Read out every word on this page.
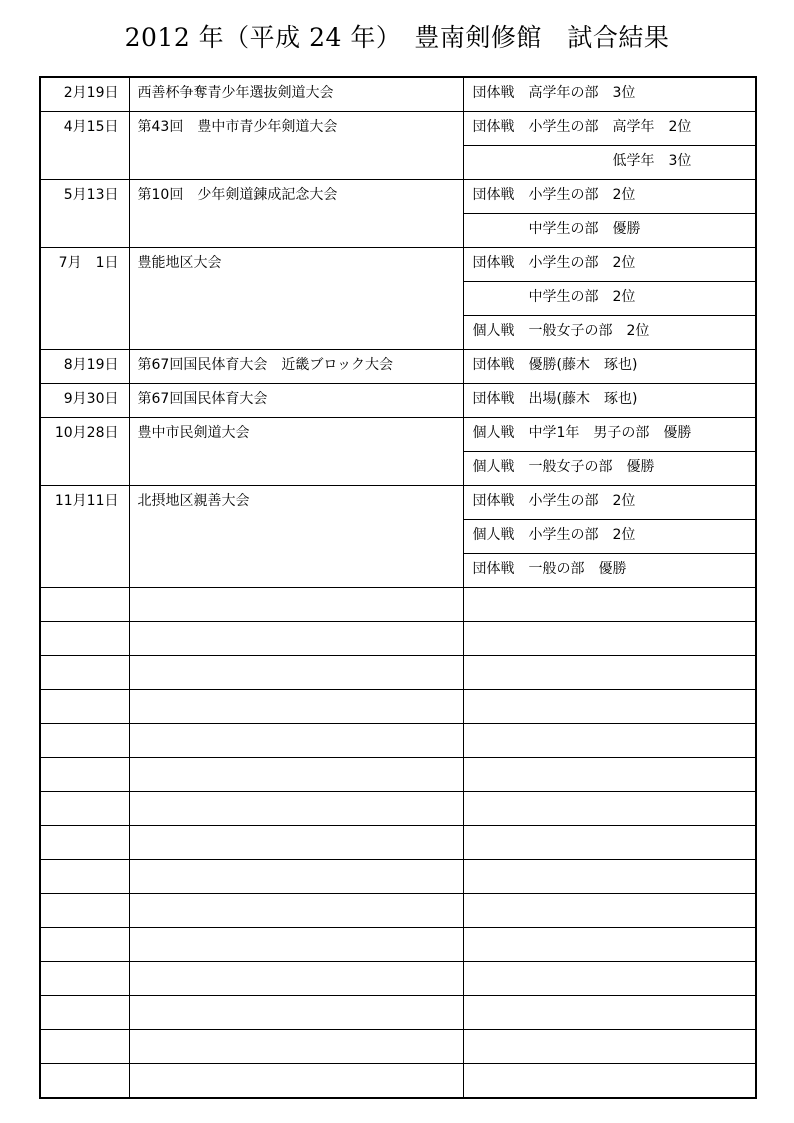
2012 年（平成 24 年）　豊南剣修館　試合結果
2月19日	西善杯争奪青少年選抜剣道大会	団体戦　高学年の部　3位
4月15日	第43回　豊中市青少年剣道大会	団体戦　小学生の部　高学年　2位
		　　　　　　　　　　低学年　3位
5月13日	第10回　少年剣道錬成記念大会	団体戦　小学生の部　2位
		　　　　中学生の部　優勝
7月　1日	豊能地区大会	団体戦　小学生の部　2位
		　　　　中学生の部　2位
		個人戦　一般女子の部　2位
8月19日	第67回国民体育大会　近畿ブロック大会	団体戦　優勝(藤木　琢也)
9月30日	第67回国民体育大会	団体戦　出場(藤木　琢也)
10月28日	豊中市民剣道大会	個人戦　中学1年　男子の部　優勝
		個人戦　一般女子の部　優勝
11月11日	北摂地区親善大会	団体戦　小学生の部　2位
		個人戦　小学生の部　2位
		団体戦　一般の部　優勝
